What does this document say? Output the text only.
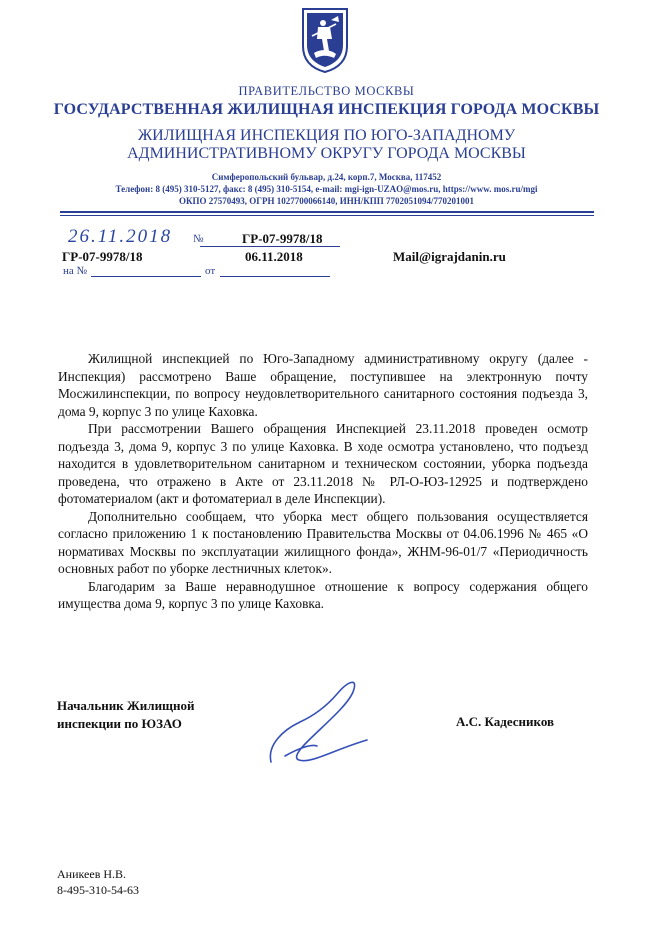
ПРАВИТЕЛЬСТВО МОСКВЫ
ГОСУДАРСТВЕННАЯ ЖИЛИЩНАЯ ИНСПЕКЦИЯ ГОРОДА МОСКВЫ
ЖИЛИЩНАЯ ИНСПЕКЦИЯ ПО ЮГО-ЗАПАДНОМУ
АДМИНИСТРАТИВНОМУ ОКРУГУ ГОРОДА МОСКВЫ
Симферопольский бульвар, д.24, корп.7, Москва, 117452
Телефон: 8 (495) 310-5127, факс: 8 (495) 310-5154, e-mail: mgi-ign-UZAO@mos.ru, https://www. mos.ru/mgi
ОКПО 27570493, ОГРН 1027700066140, ИНН/КПП 7702051094/770201001
26.11.2018 №	ГР-07-9978/18
ГР-07-9978/18	06.11.2018	Mail@igrajdanin.ru
на №	от

Жилищной инспекцией по Юго-Западному административному округу (далее - Инспекция) рассмотрено Ваше обращение, поступившее на электронную почту Мосжилинспекции, по вопросу неудовлетворительного санитарного состояния подъезда 3, дома 9, корпус 3 по улице Каховка.

При рассмотрении Вашего обращения Инспекцией 23.11.2018 проведен осмотр подъезда 3, дома 9, корпус 3 по улице Каховка. В ходе осмотра установлено, что подъезд находится в удовлетворительном санитарном и техническом состоянии, уборка подъезда проведена, что отражено в Акте от 23.11.2018 № РЛ-О-ЮЗ-12925 и подтверждено фотоматериалом (акт и фотоматериал в деле Инспекции).

Дополнительно сообщаем, что уборка мест общего пользования осуществляется согласно приложению 1 к постановлению Правительства Москвы от 04.06.1996 № 465 «О нормативах Москвы по эксплуатации жилищного фонда», ЖНМ-96-01/7 «Периодичность основных работ по уборке лестничных клеток».

Благодарим за Ваше неравнодушное отношение к вопросу содержания общего имущества дома 9, корпус 3 по улице Каховка.

Начальник Жилищной
инспекции по ЮЗАО	А.С. Кадесников
Аникеев Н.В.
8-495-310-54-63
